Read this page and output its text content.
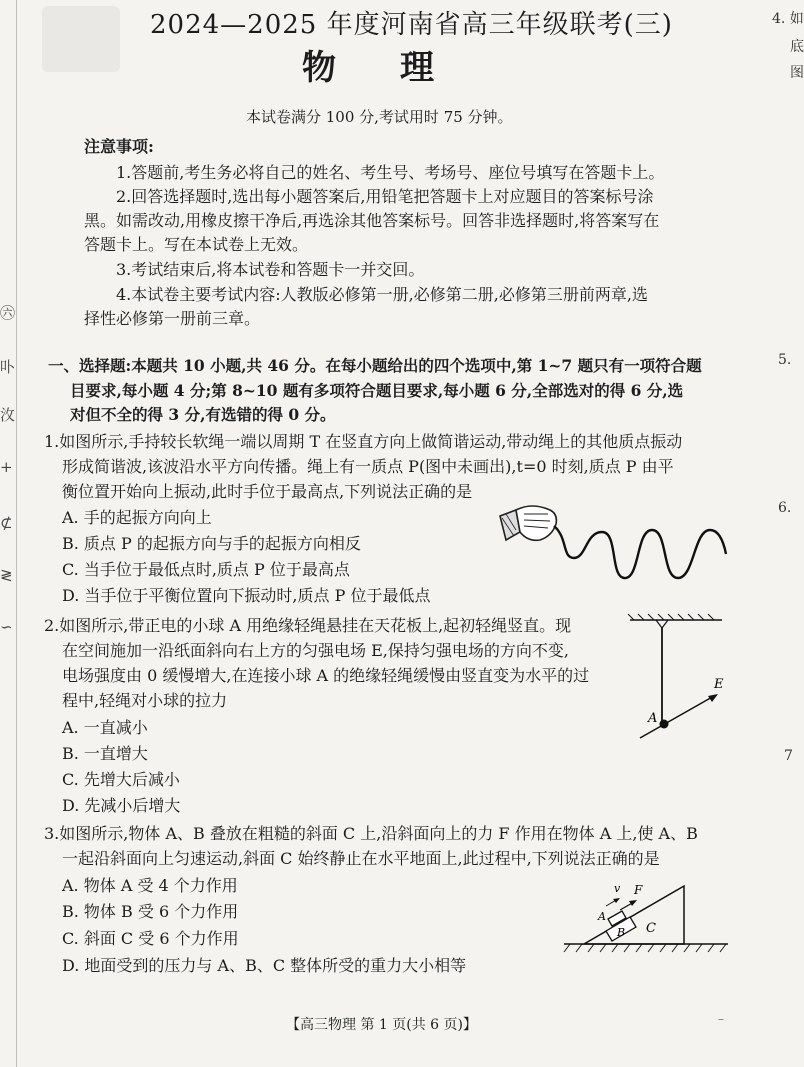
㊅
卟
㳊
+
⊄
≷
∽
4. 如
底
图
5.
6.
7
2024—2025 年度河南省高三年级联考(三)
物理
本试卷满分 100 分,考试用时 75 分钟。
注意事项:
1.答题前,考生务必将自己的姓名、考生号、考场号、座位号填写在答题卡上。
2.回答选择题时,选出每小题答案后,用铅笔把答题卡上对应题目的答案标号涂
黑。如需改动,用橡皮擦干净后,再选涂其他答案标号。回答非选择题时,将答案写在
答题卡上。写在本试卷上无效。
3.考试结束后,将本试卷和答题卡一并交回。
4.本试卷主要考试内容:人教版必修第一册,必修第二册,必修第三册前两章,选
择性必修第一册前三章。
一、选择题:本题共 10 小题,共 46 分。在每小题给出的四个选项中,第 1~7 题只有一项符合题
目要求,每小题 4 分;第 8~10 题有多项符合题目要求,每小题 6 分,全部选对的得 6 分,选
对但不全的得 3 分,有选错的得 0 分。
1.如图所示,手持较长软绳一端以周期 T 在竖直方向上做简谐运动,带动绳上的其他质点振动
形成简谐波,该波沿水平方向传播。绳上有一质点 P(图中未画出),t=0 时刻,质点 P 由平
衡位置开始向上振动,此时手位于最高点,下列说法正确的是
A. 手的起振方向向上
B. 质点 P 的起振方向与手的起振方向相反
C. 当手位于最低点时,质点 P 位于最高点
D. 当手位于平衡位置向下振动时,质点 P 位于最低点
2.如图所示,带正电的小球 A 用绝缘轻绳悬挂在天花板上,起初轻绳竖直。现
在空间施加一沿纸面斜向右上方的匀强电场 E,保持匀强电场的方向不变,
电场强度由 0 缓慢增大,在连接小球 A 的绝缘轻绳缓慢由竖直变为水平的过
程中,轻绳对小球的拉力
A. 一直减小
B. 一直增大
C. 先增大后减小
D. 先减小后增大
E
A
3.如图所示,物体 A、B 叠放在粗糙的斜面 C 上,沿斜面向上的力 F 作用在物体 A 上,使 A、B
一起沿斜面向上匀速运动,斜面 C 始终静止在水平地面上,此过程中,下列说法正确的是
A. 物体 A 受 4 个力作用
B. 物体 B 受 6 个力作用
C. 斜面 C 受 6 个力作用
D. 地面受到的压力与 A、B、C 整体所受的重力大小相等
v F
A
B C
【高三物理 第 1 页(共 6 页)】	–
